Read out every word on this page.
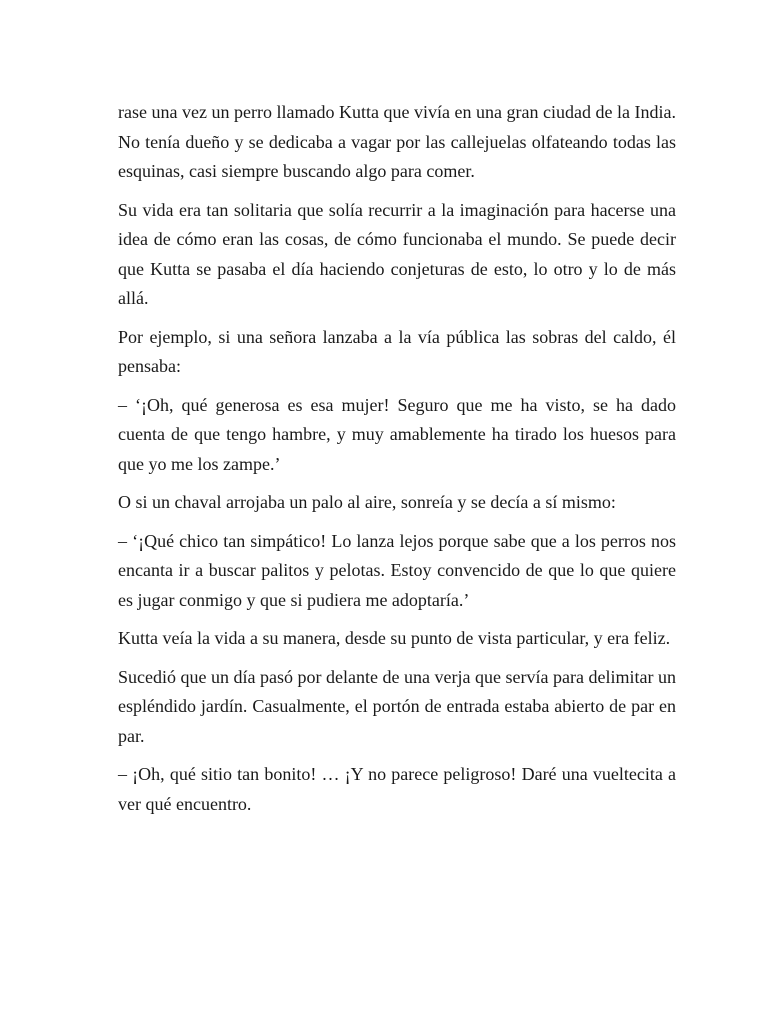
rase una vez un perro llamado Kutta que vivía en una gran ciudad de la India. No tenía dueño y se dedicaba a vagar por las callejuelas olfateando todas las esquinas, casi siempre buscando algo para comer.

Su vida era tan solitaria que solía recurrir a la imaginación para hacerse una idea de cómo eran las cosas, de cómo funcionaba el mundo. Se puede decir que Kutta se pasaba el día haciendo conjeturas de esto, lo otro y lo de más allá.

Por ejemplo, si una señora lanzaba a la vía pública las sobras del caldo, él pensaba:

– ‘¡Oh, qué generosa es esa mujer! Seguro que me ha visto, se ha dado cuenta de que tengo hambre, y muy amablemente ha tirado los huesos para que yo me los zampe.’

O si un chaval arrojaba un palo al aire, sonreía y se decía a sí mismo:

– ‘¡Qué chico tan simpático! Lo lanza lejos porque sabe que a los perros nos encanta ir a buscar palitos y pelotas. Estoy convencido de que lo que quiere es jugar conmigo y que si pudiera me adoptaría.’

Kutta veía la vida a su manera, desde su punto de vista particular, y era feliz.

Sucedió que un día pasó por delante de una verja que servía para delimitar un espléndido jardín. Casualmente, el portón de entrada estaba abierto de par en par.

– ¡Oh, qué sitio tan bonito! … ¡Y no parece peligroso! Daré una vueltecita a ver qué encuentro.
